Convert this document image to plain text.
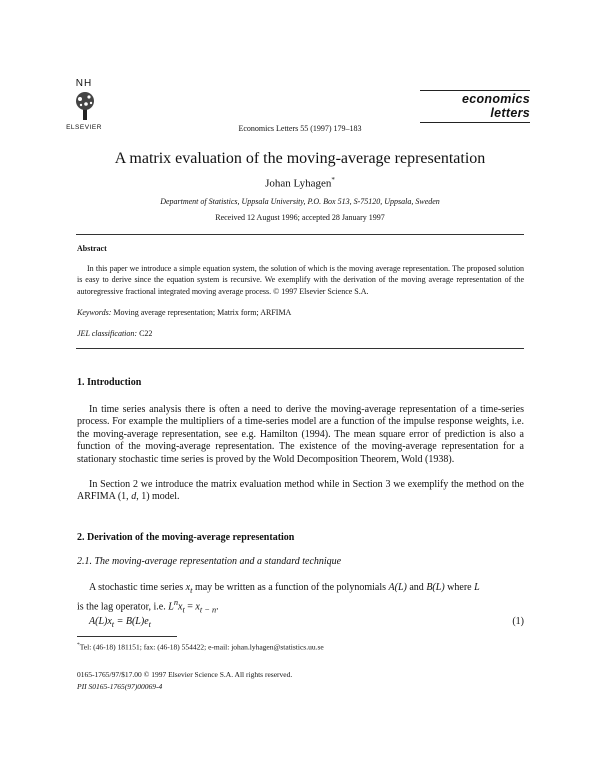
NH
ELSEVIER	Economics Letters 55 (1997) 179–183
economics
letters
A matrix evaluation of the moving-average representation
Johan Lyhagen*
Department of Statistics, Uppsala University, P.O. Box 513, S-75120, Uppsala, Sweden
Received 12 August 1996; accepted 28 January 1997
Abstract
In this paper we introduce a simple equation system, the solution of which is the moving average representation. The proposed solution is easy to derive since the equation system is recursive. We exemplify with the derivation of the moving average representation of the autoregressive fractional integrated moving average process. © 1997 Elsevier Science S.A.
Keywords: Moving average representation; Matrix form; ARFIMA
JEL classification: C22
1. Introduction
In time series analysis there is often a need to derive the moving-average representation of a time-series process. For example the multipliers of a time-series model are a function of the impulse response weights, i.e. the moving-average representation, see e.g. Hamilton (1994). The mean square error of prediction is also a function of the moving-average representation. The existence of the moving-average representation for a stationary stochastic time series is proved by the Wold Decomposition Theorem, Wold (1938).
In Section 2 we introduce the matrix evaluation method while in Section 3 we exemplify the method on the ARFIMA (1, d, 1) model.
2. Derivation of the moving-average representation
2.1. The moving-average representation and a standard technique
A stochastic time series $x_t$ may be written as a function of the polynomials A(L) and B(L) where L
is the lag operator, i.e. $L^nx_t = x_{t - n}$.
$A(L)x_t = B(L)e_t$	(1)
*Tel: (46-18) 181151; fax: (46-18) 554422; e-mail: johan.lyhagen@statistics.uu.se
0165-1765/97/$17.00 © 1997 Elsevier Science S.A. All rights reserved.
PII S0165-1765(97)00069-4
